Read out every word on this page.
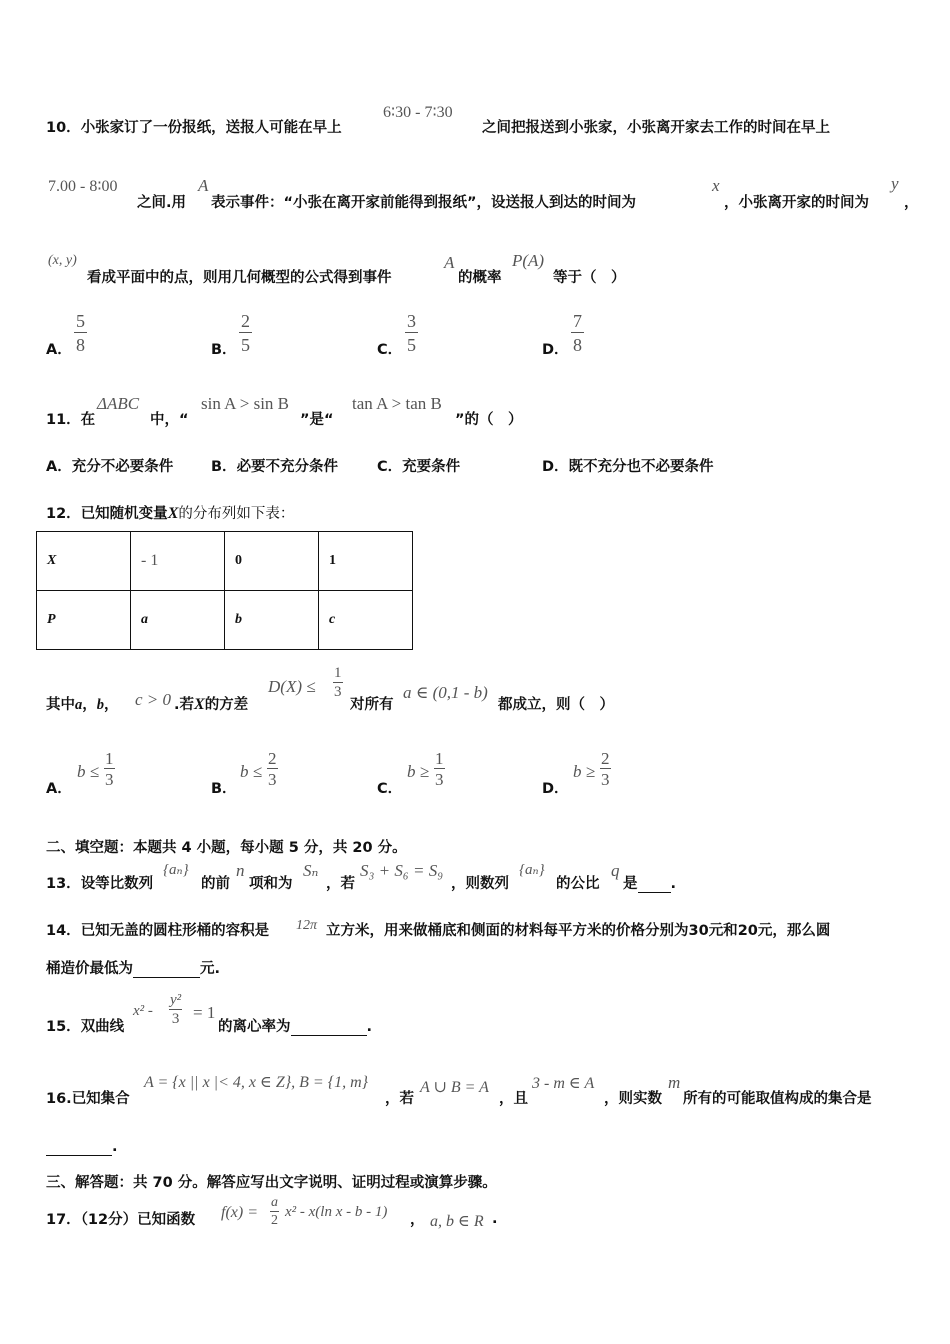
10．小张家订了一份报纸，送报人可能在早上
6∶30 - 7∶30
之间把报送到小张家，小张离开家去工作的时间在早上
7.00 - 8∶00
之间.用
A
表示事件：“小张在离开家前能得到报纸”，设送报人到达的时间为
x
，小张离开家的时间为
y
，
(x, y)
看成平面中的点，则用几何概型的公式得到事件
A
的概率
P(A)
等于（　）
A． $\frac{5}{8}$	B． $\frac{2}{5}$	C． $\frac{3}{5}$	D． $\frac{7}{8}$
11．在
ΔABC
中，“
sin A > sin B
”是“
tan A > tan B
”的（　）
A．充分不必要条件	B．必要不充分条件	C．充要条件	D．既不充分也不必要条件
12．已知随机变量X的分布列如下表：
X	- 1	0	1
P	a	b	c
其中a，b， c > 0 .若X的方差
D(X) ≤
1
3
对所有
a ∈ (0,1 - b)
都成立，则（　）
A．
b ≤
1
3	B．
b ≤
2
3	C．
b ≥
1
3	D．
b ≥
2
3
二、填空题：本题共 4 小题，每小题 5 分，共 20 分。
13．设等比数列
{aₙ}
的前
n
项和为
Sₙ
，若
S₃ + S₆ = S₉
，则数列
{aₙ}
的公比
q
是 .
14．已知无盖的圆柱形桶的容积是 12π 立方米，用来做桶底和侧面的材料每平方米的价格分别为30元和20元，那么圆
桶造价最低为	元.
15．双曲线
x² -
y²
3 = 1
的离心率为	.
16.已知集合
A = {x || x |< 4, x ∈ Z}, B = {1, m}
，若
A ∪ B = A
，且
3 - m ∈ A
，则实数
m
所有的可能取值构成的集合是
.
三、解答题：共 70 分。解答应写出文字说明、证明过程或演算步骤。
17．（12分）已知函数 f(x) =
a
2
x² - x(ln x - b - 1) ， a, b ∈ R .
